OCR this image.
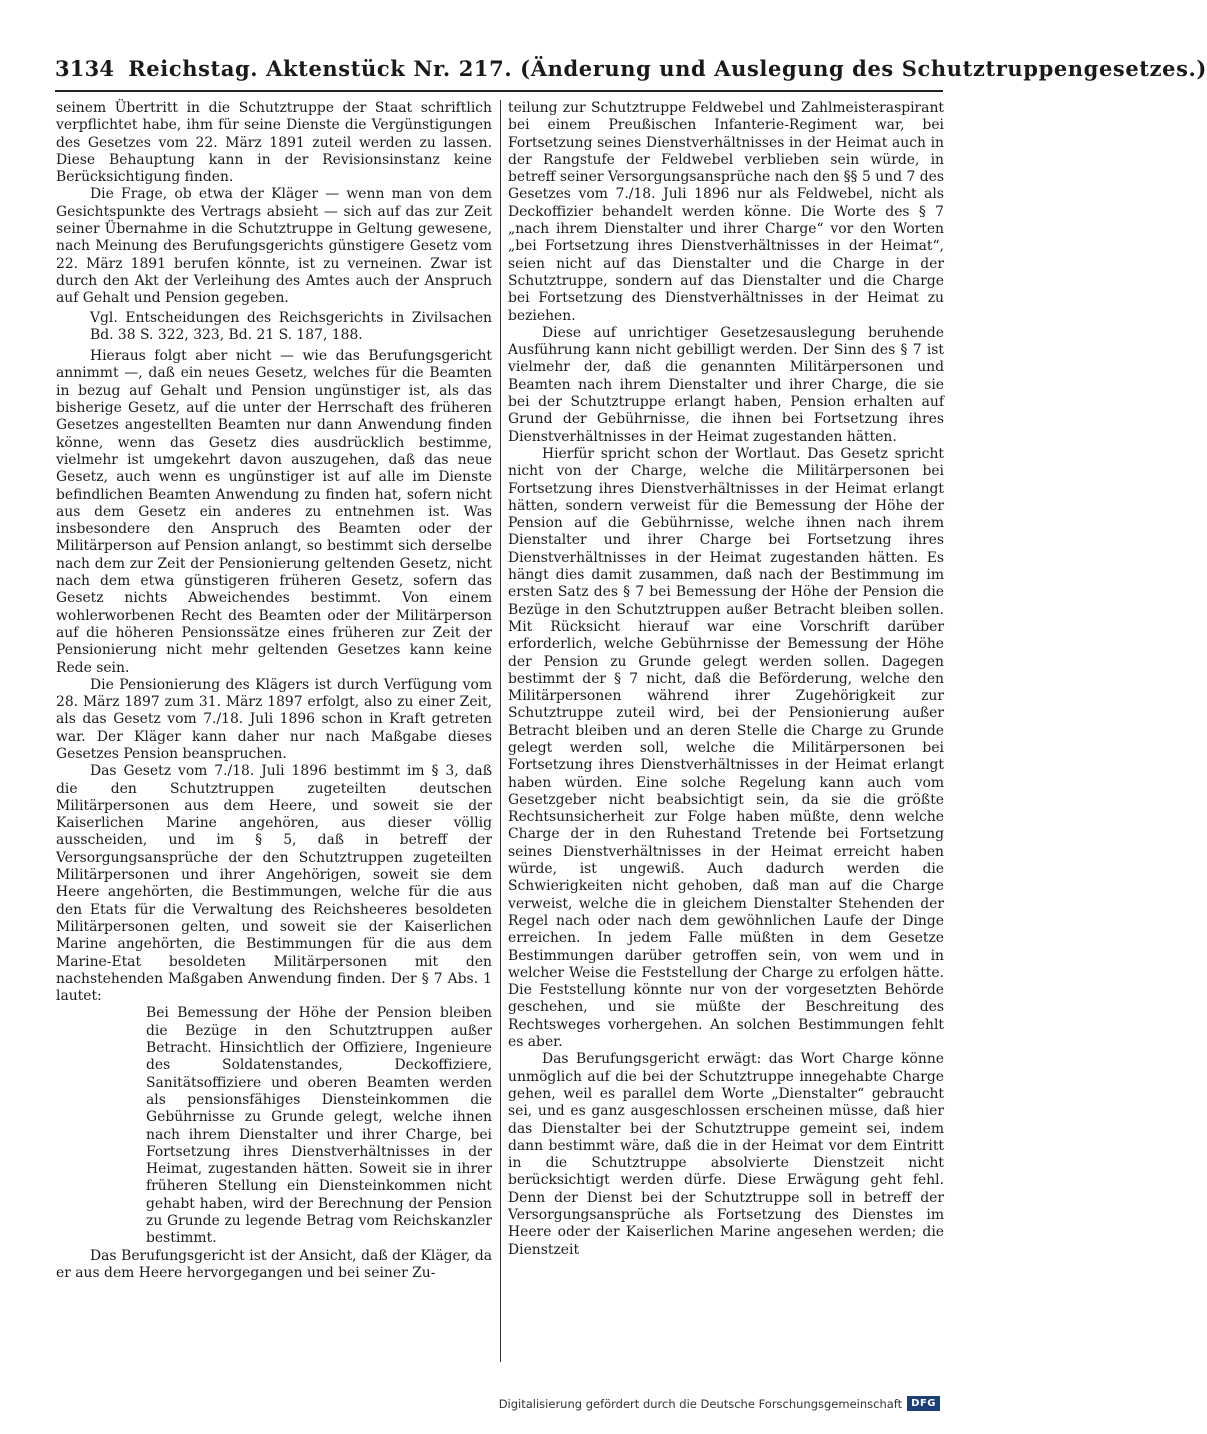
3134 Reichstag. Aktenstück Nr. 217. (Änderung und Auslegung des Schutztruppengesetzes.)

seinem Übertritt in die Schutztruppe der Staat schriftlich verpflichtet habe, ihm für seine Dienste die Vergünstigungen des Gesetzes vom 22. März 1891 zuteil werden zu lassen. Diese Behauptung kann in der Revisionsinstanz keine Berücksichtigung finden.

Die Frage, ob etwa der Kläger — wenn man von dem Gesichtspunkte des Vertrags absieht — sich auf das zur Zeit seiner Übernahme in die Schutztruppe in Geltung gewesene, nach Meinung des Berufungsgerichts günstigere Gesetz vom 22. März 1891 berufen könnte, ist zu verneinen. Zwar ist durch den Akt der Verleihung des Amtes auch der Anspruch auf Gehalt und Pension gegeben.

Vgl. Entscheidungen des Reichsgerichts in Zivilsachen Bd. 38 S. 322, 323, Bd. 21 S. 187, 188.

Hieraus folgt aber nicht — wie das Berufungsgericht annimmt —, daß ein neues Gesetz, welches für die Beamten in bezug auf Gehalt und Pension ungünstiger ist, als das bisherige Gesetz, auf die unter der Herrschaft des früheren Gesetzes angestellten Beamten nur dann Anwendung finden könne, wenn das Gesetz dies ausdrücklich bestimme, vielmehr ist umgekehrt davon auszugehen, daß das neue Gesetz, auch wenn es ungünstiger ist auf alle im Dienste befindlichen Beamten Anwendung zu finden hat, sofern nicht aus dem Gesetz ein anderes zu entnehmen ist. Was insbesondere den Anspruch des Beamten oder der Militärperson auf Pension anlangt, so bestimmt sich derselbe nach dem zur Zeit der Pensionierung geltenden Gesetz, nicht nach dem etwa günstigeren früheren Gesetz, sofern das Gesetz nichts Abweichendes bestimmt. Von einem wohlerworbenen Recht des Beamten oder der Militärperson auf die höheren Pensionssätze eines früheren zur Zeit der Pensionierung nicht mehr geltenden Gesetzes kann keine Rede sein.

Die Pensionierung des Klägers ist durch Verfügung vom 28. März 1897 zum 31. März 1897 erfolgt, also zu einer Zeit, als das Gesetz vom 7./18. Juli 1896 schon in Kraft getreten war. Der Kläger kann daher nur nach Maßgabe dieses Gesetzes Pension beanspruchen.

Das Gesetz vom 7./18. Juli 1896 bestimmt im § 3, daß die den Schutztruppen zugeteilten deutschen Militärpersonen aus dem Heere, und soweit sie der Kaiserlichen Marine angehören, aus dieser völlig ausscheiden, und im § 5, daß in betreff der Versorgungsansprüche der den Schutztruppen zugeteilten Militärpersonen und ihrer Angehörigen, soweit sie dem Heere angehörten, die Bestimmungen, welche für die aus den Etats für die Verwaltung des Reichsheeres besoldeten Militärpersonen gelten, und soweit sie der Kaiserlichen Marine angehörten, die Bestimmungen für die aus dem Marine-Etat besoldeten Militärpersonen mit den nachstehenden Maßgaben Anwendung finden. Der § 7 Abs. 1 lautet:

Bei Bemessung der Höhe der Pension bleiben die Bezüge in den Schutztruppen außer Betracht. Hinsichtlich der Offiziere, Ingenieure des Soldatenstandes, Deckoffiziere, Sanitätsoffiziere und oberen Beamten werden als pensionsfähiges Diensteinkommen die Gebührnisse zu Grunde gelegt, welche ihnen nach ihrem Dienstalter und ihrer Charge, bei Fortsetzung ihres Dienstverhältnisses in der Heimat, zugestanden hätten. Soweit sie in ihrer früheren Stellung ein Diensteinkommen nicht gehabt haben, wird der Berechnung der Pension zu Grunde zu legende Betrag vom Reichskanzler bestimmt.

Das Berufungsgericht ist der Ansicht, daß der Kläger, da er aus dem Heere hervorgegangen und bei seiner Zu-

teilung zur Schutztruppe Feldwebel und Zahlmeisteraspirant bei einem Preußischen Infanterie-Regiment war, bei Fortsetzung seines Dienstverhältnisses in der Heimat auch in der Rangstufe der Feldwebel verblieben sein würde, in betreff seiner Versorgungsansprüche nach den §§ 5 und 7 des Gesetzes vom 7./18. Juli 1896 nur als Feldwebel, nicht als Deckoffizier behandelt werden könne. Die Worte des § 7 „nach ihrem Dienstalter und ihrer Charge“ vor den Worten „bei Fortsetzung ihres Dienstverhältnisses in der Heimat“, seien nicht auf das Dienstalter und die Charge in der Schutztruppe, sondern auf das Dienstalter und die Charge bei Fortsetzung des Dienstverhältnisses in der Heimat zu beziehen.

Diese auf unrichtiger Gesetzesauslegung beruhende Ausführung kann nicht gebilligt werden. Der Sinn des § 7 ist vielmehr der, daß die genannten Militärpersonen und Beamten nach ihrem Dienstalter und ihrer Charge, die sie bei der Schutztruppe erlangt haben, Pension erhalten auf Grund der Gebührnisse, die ihnen bei Fortsetzung ihres Dienstverhältnisses in der Heimat zugestanden hätten.

Hierfür spricht schon der Wortlaut. Das Gesetz spricht nicht von der Charge, welche die Militärpersonen bei Fortsetzung ihres Dienstverhältnisses in der Heimat erlangt hätten, sondern verweist für die Bemessung der Höhe der Pension auf die Gebührnisse, welche ihnen nach ihrem Dienstalter und ihrer Charge bei Fortsetzung ihres Dienstverhältnisses in der Heimat zugestanden hätten. Es hängt dies damit zusammen, daß nach der Bestimmung im ersten Satz des § 7 bei Bemessung der Höhe der Pension die Bezüge in den Schutztruppen außer Betracht bleiben sollen. Mit Rücksicht hierauf war eine Vorschrift darüber erforderlich, welche Gebührnisse der Bemessung der Höhe der Pension zu Grunde gelegt werden sollen. Dagegen bestimmt der § 7 nicht, daß die Beförderung, welche den Militärpersonen während ihrer Zugehörigkeit zur Schutztruppe zuteil wird, bei der Pensionierung außer Betracht bleiben und an deren Stelle die Charge zu Grunde gelegt werden soll, welche die Militärpersonen bei Fortsetzung ihres Dienstverhältnisses in der Heimat erlangt haben würden. Eine solche Regelung kann auch vom Gesetzgeber nicht beabsichtigt sein, da sie die größte Rechtsunsicherheit zur Folge haben müßte, denn welche Charge der in den Ruhestand Tretende bei Fortsetzung seines Dienstverhältnisses in der Heimat erreicht haben würde, ist ungewiß. Auch dadurch werden die Schwierigkeiten nicht gehoben, daß man auf die Charge verweist, welche die in gleichem Dienstalter Stehenden der Regel nach oder nach dem gewöhnlichen Laufe der Dinge erreichen. In jedem Falle müßten in dem Gesetze Bestimmungen darüber getroffen sein, von wem und in welcher Weise die Feststellung der Charge zu erfolgen hätte. Die Feststellung könnte nur von der vorgesetzten Behörde geschehen, und sie müßte der Beschreitung des Rechtsweges vorhergehen. An solchen Bestimmungen fehlt es aber.

Das Berufungsgericht erwägt: das Wort Charge könne unmöglich auf die bei der Schutztruppe innegehabte Charge gehen, weil es parallel dem Worte „Dienstalter“ gebraucht sei, und es ganz ausgeschlossen erscheinen müsse, daß hier das Dienstalter bei der Schutztruppe gemeint sei, indem dann bestimmt wäre, daß die in der Heimat vor dem Eintritt in die Schutztruppe absolvierte Dienstzeit nicht berücksichtigt werden dürfe. Diese Erwägung geht fehl. Denn der Dienst bei der Schutztruppe soll in betreff der Versorgungsansprüche als Fortsetzung des Dienstes im Heere oder der Kaiserlichen Marine angesehen werden; die Dienstzeit

Digitalisierung gefördert durch die Deutsche Forschungsgemeinschaft DFG
